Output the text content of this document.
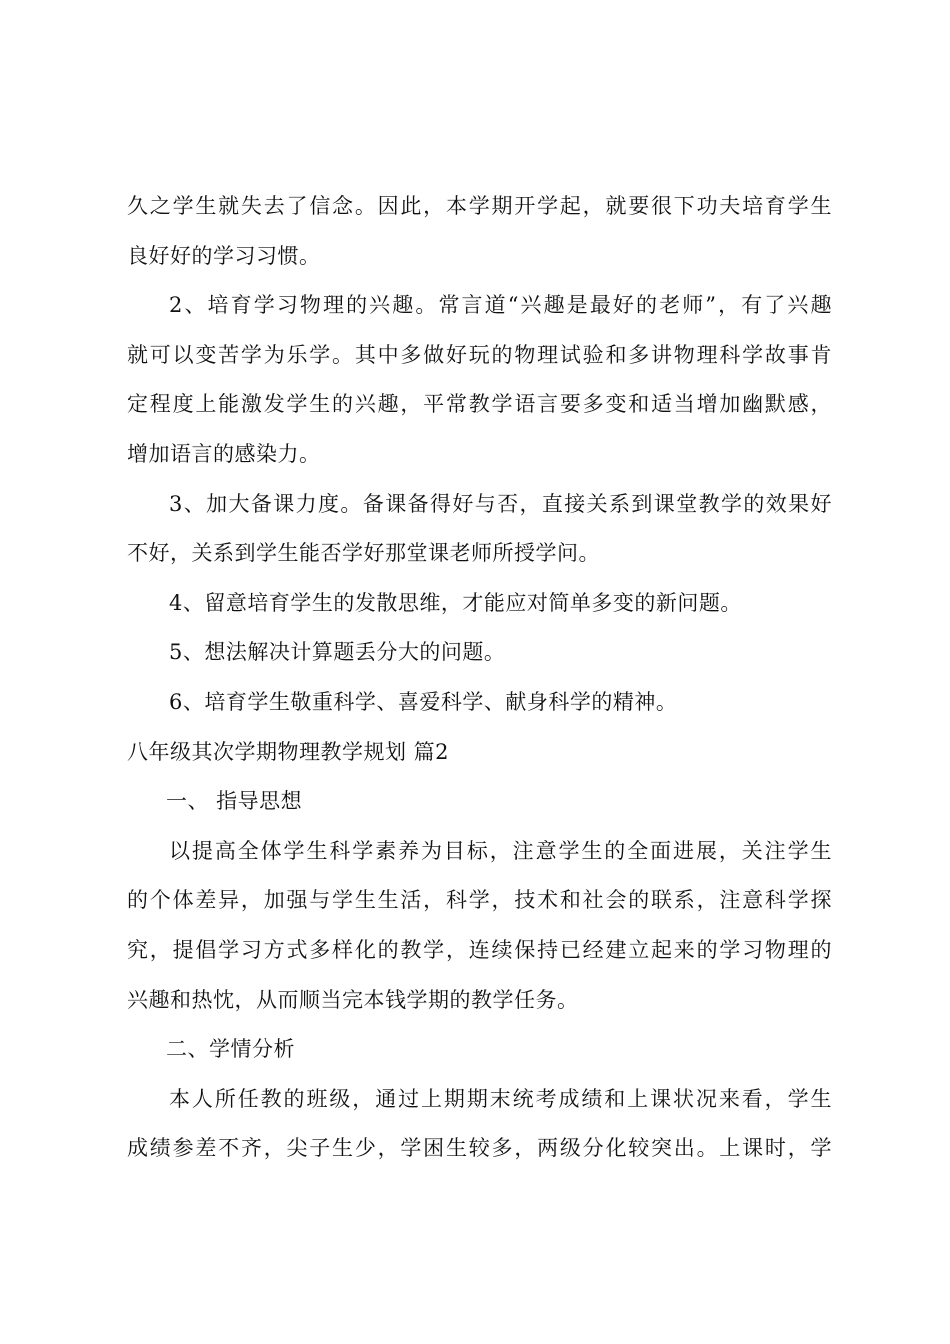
久之学生就失去了信念。因此，本学期开学起，就要很下功夫培育学生
良好好的学习习惯。
2、培育学习物理的兴趣。常言道“兴趣是最好的老师”，有了兴趣
就可以变苦学为乐学。其中多做好玩的物理试验和多讲物理科学故事肯
定程度上能激发学生的兴趣，平常教学语言要多变和适当增加幽默感，
增加语言的感染力。
3、加大备课力度。备课备得好与否，直接关系到课堂教学的效果好
不好，关系到学生能否学好那堂课老师所授学问。
4、留意培育学生的发散思维，才能应对简单多变的新问题。
5、想法解决计算题丢分大的问题。
6、培育学生敬重科学、喜爱科学、献身科学的精神。
八年级其次学期物理教学规划 篇2
一、 指导思想
以提高全体学生科学素养为目标，注意学生的全面进展，关注学生
的个体差异，加强与学生生活，科学，技术和社会的联系，注意科学探
究，提倡学习方式多样化的教学，连续保持已经建立起来的学习物理的
兴趣和热忱，从而顺当完本钱学期的教学任务。
二、学情分析
本人所任教的班级，通过上期期末统考成绩和上课状况来看，学生
成绩参差不齐，尖子生少，学困生较多，两级分化较突出。上课时，学
